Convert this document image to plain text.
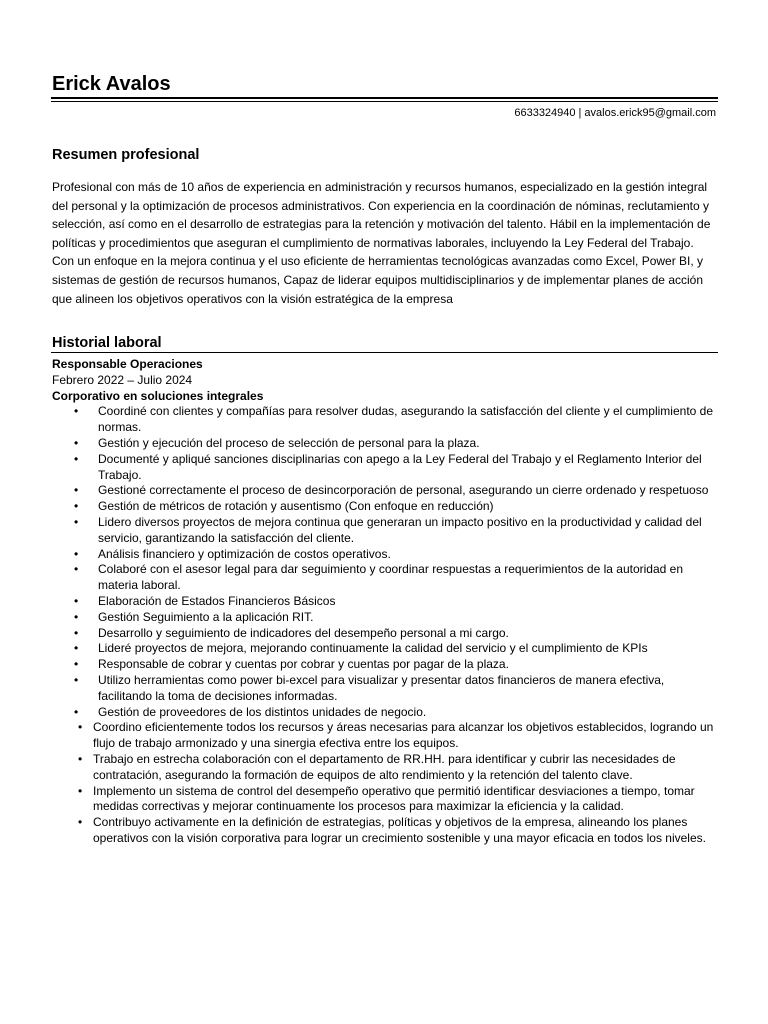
Erick Avalos
6633324940 | avalos.erick95@gmail.com
Resumen profesional

Profesional con más de 10 años de experiencia en administración y recursos humanos, especializado en la gestión integral del personal y la optimización de procesos administrativos. Con experiencia en la coordinación de nóminas, reclutamiento y selección, así como en el desarrollo de estrategias para la retención y motivación del talento. Hábil en la implementación de políticas y procedimientos que aseguran el cumplimiento de normativas laborales, incluyendo la Ley Federal del Trabajo. Con un enfoque en la mejora continua y el uso eficiente de herramientas tecnológicas avanzadas como Excel, Power BI, y sistemas de gestión de recursos humanos, Capaz de liderar equipos multidisciplinarios y de implementar planes de acción que alineen los objetivos operativos con la visión estratégica de la empresa

Historial laboral
Responsable Operaciones
Febrero 2022 – Julio 2024
Corporativo en soluciones integrales
• Coordiné con clientes y compañías para resolver dudas, asegurando la satisfacción del cliente y el cumplimiento de normas.
• Gestión y ejecución del proceso de selección de personal para la plaza.
• Documenté y apliqué sanciones disciplinarias con apego a la Ley Federal del Trabajo y el Reglamento Interior del Trabajo.
• Gestioné correctamente el proceso de desincorporación de personal, asegurando un cierre ordenado y respetuoso
• Gestión de métricos de rotación y ausentismo (Con enfoque en reducción)
• Lidero diversos proyectos de mejora continua que generaran un impacto positivo en la productividad y calidad del servicio, garantizando la satisfacción del cliente.
• Análisis financiero y optimización de costos operativos.
• Colaboré con el asesor legal para dar seguimiento y coordinar respuestas a requerimientos de la autoridad en materia laboral.
• Elaboración de Estados Financieros Básicos
• Gestión Seguimiento a la aplicación RIT.
• Desarrollo y seguimiento de indicadores del desempeño personal a mi cargo.
• Lideré proyectos de mejora, mejorando continuamente la calidad del servicio y el cumplimiento de KPIs
• Responsable de cobrar y cuentas por cobrar y cuentas por pagar de la plaza.
• Utilizo herramientas como power bi-excel para visualizar y presentar datos financieros de manera efectiva, facilitando la toma de decisiones informadas.
• Gestión de proveedores de los distintos unidades de negocio.
• Coordino eficientemente todos los recursos y áreas necesarias para alcanzar los objetivos establecidos, logrando un flujo de trabajo armonizado y una sinergia efectiva entre los equipos.
• Trabajo en estrecha colaboración con el departamento de RR.HH. para identificar y cubrir las necesidades de contratación, asegurando la formación de equipos de alto rendimiento y la retención del talento clave.
• Implemento un sistema de control del desempeño operativo que permitió identificar desviaciones a tiempo, tomar medidas correctivas y mejorar continuamente los procesos para maximizar la eficiencia y la calidad.
• Contribuyo activamente en la definición de estrategias, políticas y objetivos de la empresa, alineando los planes operativos con la visión corporativa para lograr un crecimiento sostenible y una mayor eficacia en todos los niveles.
